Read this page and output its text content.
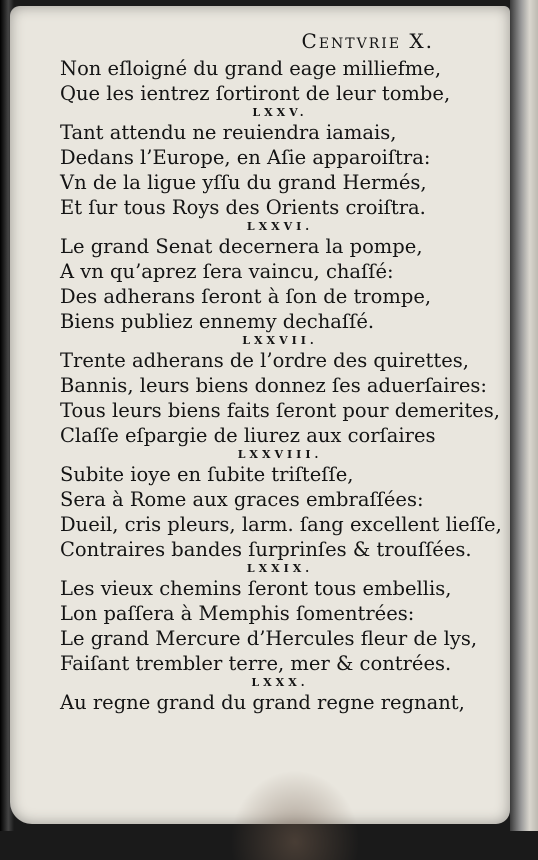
Centvrie X.
Non eſloigné du grand eage milliefme,
Que les ientrez ſortiront de leur tombe,
LXXV.
Tant attendu ne reuiendra iamais,
Dedans l’Europe, en Aſie apparoiſtra:
Vn de la ligue yſſu du grand Hermés,
Et ſur tous Roys des Orients croiſtra.
LXXVI.
Le grand Senat decernera la pompe,
A vn qu’aprez ſera vaincu, chaſſé:
Des adherans ſeront à ſon de trompe,
Biens publiez ennemy dechaſſé.
LXXVII.
Trente adherans de l’ordre des quirettes,
Bannis, leurs biens donnez ſes aduerſaires:
Tous leurs biens faits ſeront pour demerites,
Claſſe eſpargie de liurez aux corſaires
LXXVIII.
Subite ioye en ſubite triſteſſe,
Sera à Rome aux graces embraſſées:
Dueil, cris pleurs, larm. ſang excellent lieſſe,
Contraires bandes ſurprinſes & trouſſées.
LXXIX.
Les vieux chemins ſeront tous embellis,
Lon paſſera à Memphis ſomentrées:
Le grand Mercure d’Hercules fleur de lys,
Faiſant trembler terre, mer & contrées.
LXXX.
Au regne grand du grand regne regnant,
